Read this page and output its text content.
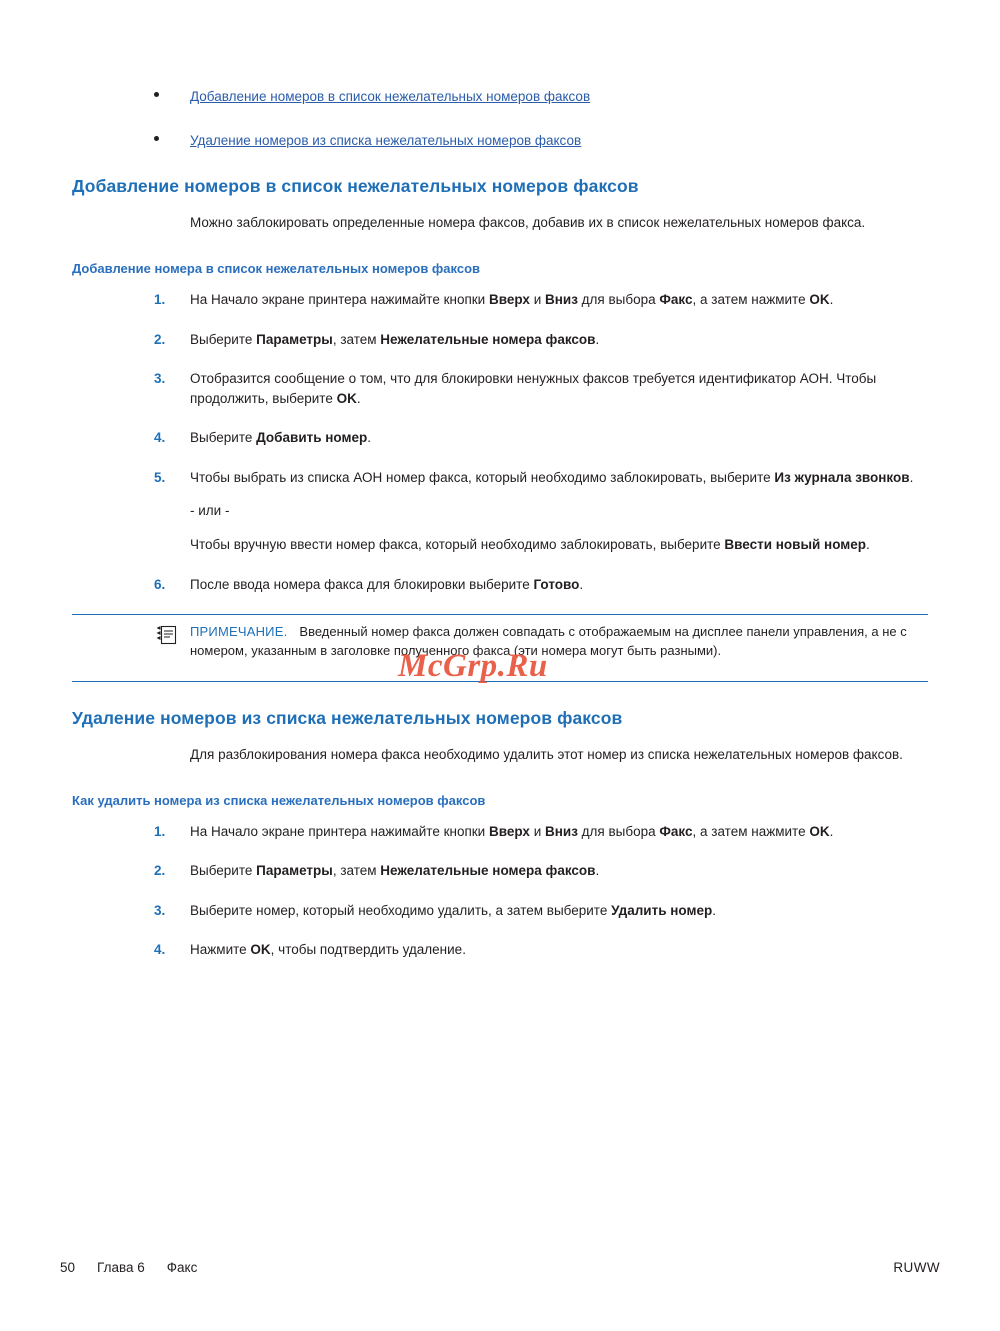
Добавление номеров в список нежелательных номеров факсов
Удаление номеров из списка нежелательных номеров факсов
Добавление номеров в список нежелательных номеров факсов

Можно заблокировать определенные номера факсов, добавив их в список нежелательных номеров факса.

Добавление номера в список нежелательных номеров факсов
1. На Начало экране принтера нажимайте кнопки Вверх и Вниз для выбора Факс, а затем нажмите OK.
2. Выберите Параметры, затем Нежелательные номера факсов.
3. Отобразится сообщение о том, что для блокировки ненужных факсов требуется идентификатор АОН. Чтобы продолжить, выберите OK.
4. Выберите Добавить номер.
5. Чтобы выбрать из списка АОН номер факса, который необходимо заблокировать, выберите Из журнала звонков.
- или -
Чтобы вручную ввести номер факса, который необходимо заблокировать, выберите Ввести новый номер.
6. После ввода номера факса для блокировки выберите Готово.
ПРИМЕЧАНИЕ. Введенный номер факса должен совпадать с отображаемым на дисплее панели управления, а не с номером, указанным в заголовке полученного факса (эти номера могут быть разными).
Удаление номеров из списка нежелательных номеров факсов

Для разблокирования номера факса необходимо удалить этот номер из списка нежелательных номеров факсов.

Как удалить номера из списка нежелательных номеров факсов
1. На Начало экране принтера нажимайте кнопки Вверх и Вниз для выбора Факс, а затем нажмите OK.
2. Выберите Параметры, затем Нежелательные номера факсов.
3. Выберите номер, который необходимо удалить, а затем выберите Удалить номер.
4. Нажмите OK, чтобы подтвердить удаление.
McGrp.Ru
50 Глава 6 Факс	RUWW
